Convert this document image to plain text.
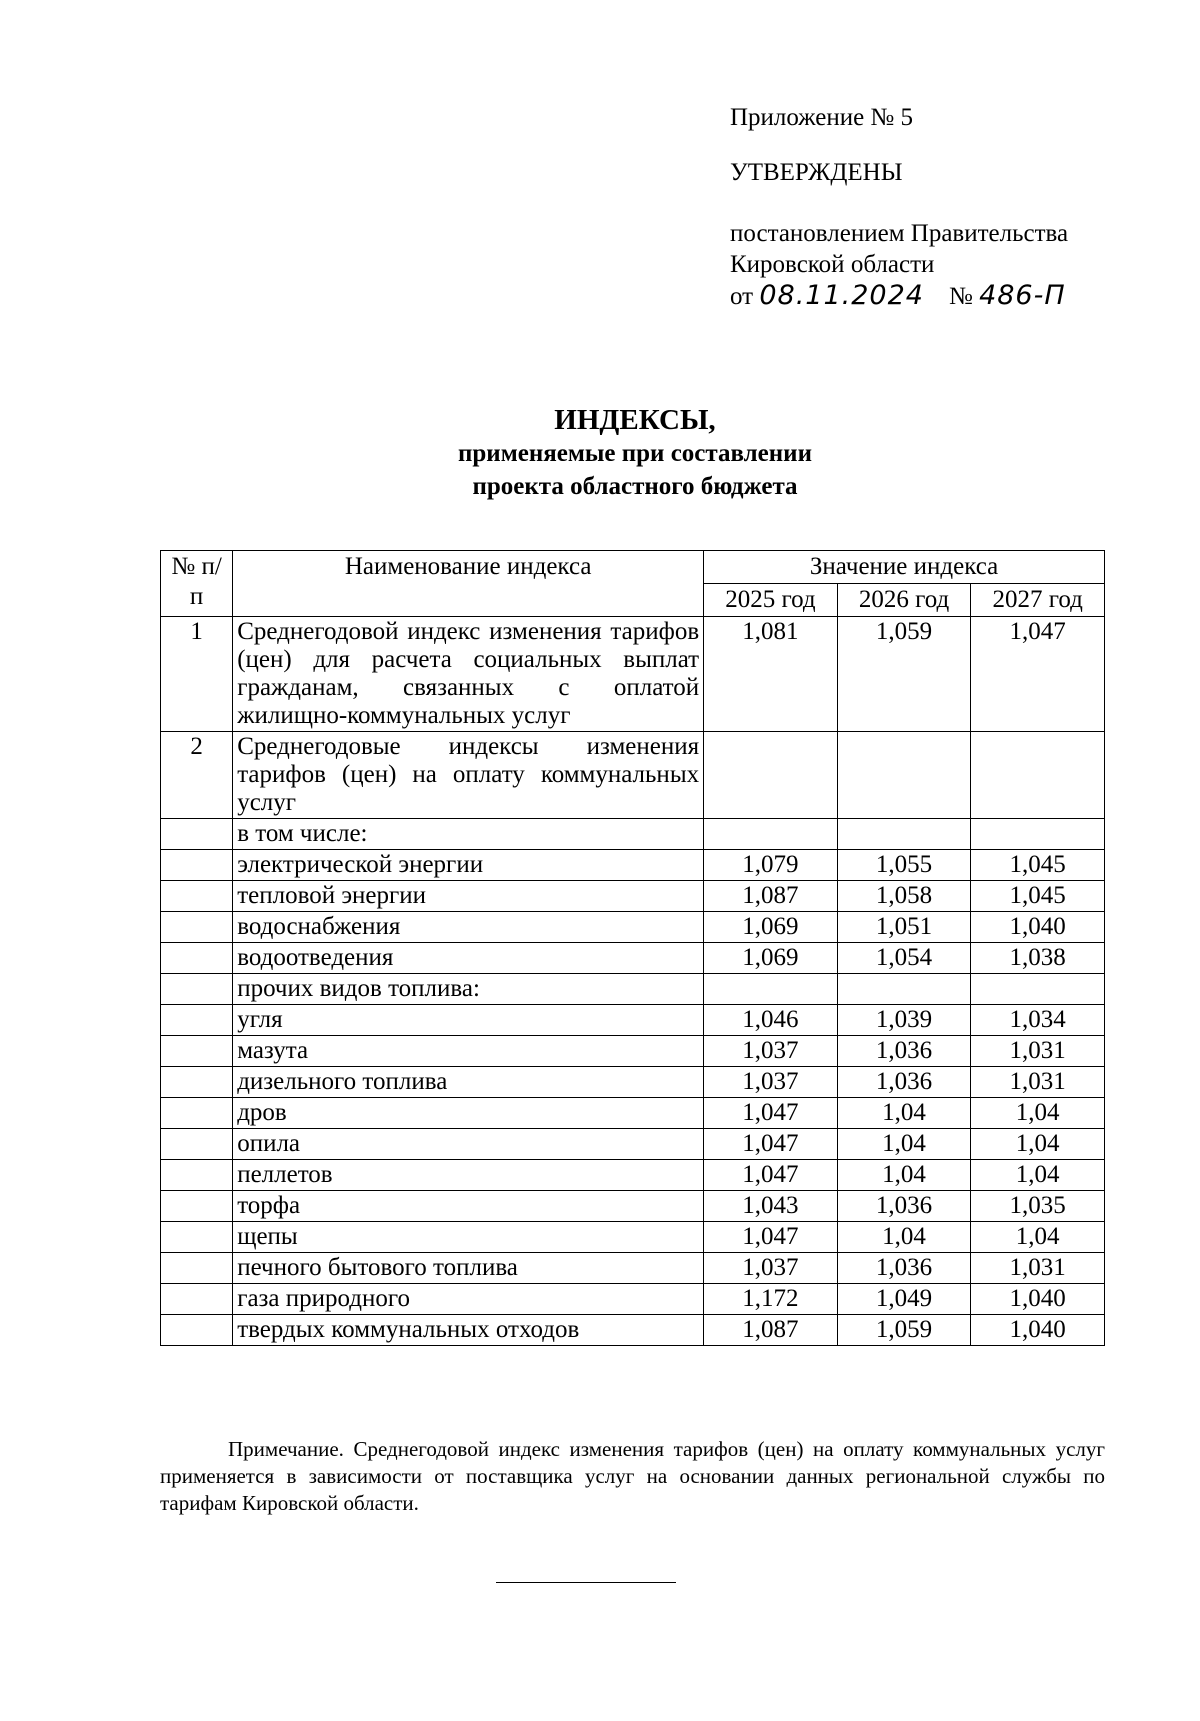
Приложение № 5
УТВЕРЖДЕНЫ
постановлением Правительства
Кировской области
от 08.11.2024 № 486-П
ИНДЕКСЫ,
применяемые при составлении
проекта областного бюджета
№ п/п	Наименование индекса	Значение индекса		
		2025 год	2026 год	2027 год
1	Среднегодовой индекс изменения тарифов (цен) для расчета социальных выплат гражданам, связанных с оплатой жилищно-коммунальных услуг	1,081	1,059	1,047
2	Среднегодовые индексы изменения тарифов (цен) на оплату коммунальных услуг			
	в том числе:			
	электрической энергии	1,079	1,055	1,045
	тепловой энергии	1,087	1,058	1,045
	водоснабжения	1,069	1,051	1,040
	водоотведения	1,069	1,054	1,038
	прочих видов топлива:			
	угля	1,046	1,039	1,034
	мазута	1,037	1,036	1,031
	дизельного топлива	1,037	1,036	1,031
	дров	1,047	1,04	1,04
	опила	1,047	1,04	1,04
	пеллетов	1,047	1,04	1,04
	торфа	1,043	1,036	1,035
	щепы	1,047	1,04	1,04
	печного бытового топлива	1,037	1,036	1,031
	газа природного	1,172	1,049	1,040
	твердых коммунальных отходов	1,087	1,059	1,040
Примечание. Среднегодовой индекс изменения тарифов (цен) на оплату коммунальных услуг применяется в зависимости от поставщика услуг на основании данных региональной службы по тарифам Кировской области.
